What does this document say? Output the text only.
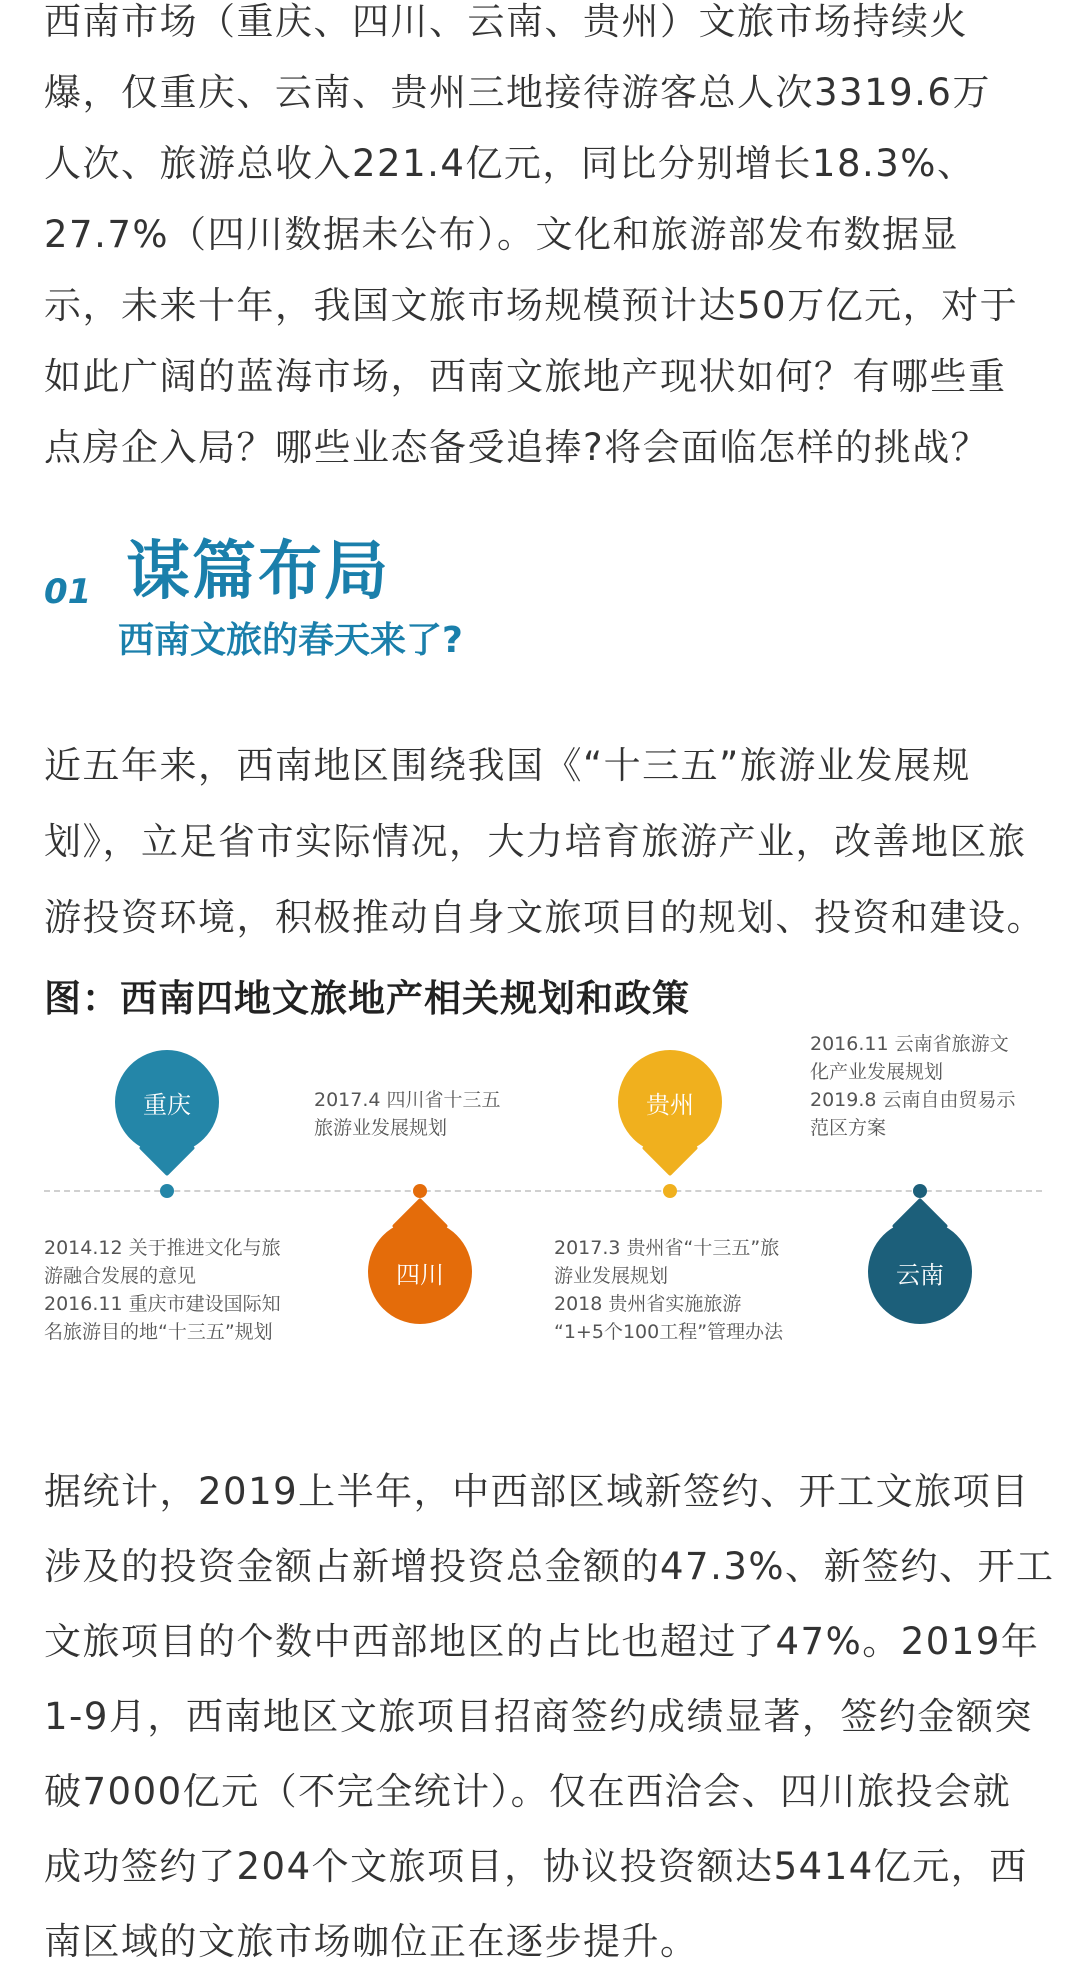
西南市场（重庆、四川、云南、贵州）文旅市场持续火
爆，仅重庆、云南、贵州三地接待游客总人次3319.6万
人次、旅游总收入221.4亿元，同比分别增长18.3%、
27.7%（四川数据未公布）。文化和旅游部发布数据显
示，未来十年，我国文旅市场规模预计达50万亿元，对于
如此广阔的蓝海市场，西南文旅地产现状如何？有哪些重
点房企入局？哪些业态备受追捧?将会面临怎样的挑战？
01 谋篇布局
西南文旅的春天来了?
近五年来，西南地区围绕我国《“十三五”旅游业发展规
划》，立足省市实际情况，大力培育旅游产业，改善地区旅
游投资环境，积极推动自身文旅项目的规划、投资和建设。
图：西南四地文旅地产相关规划和政策
重庆
四川
贵州
云南
2014.12 关于推进文化与旅
游融合发展的意见
2016.11 重庆市建设国际知
名旅游目的地“十三五”规划
2017.4 四川省十三五
旅游业发展规划
2017.3 贵州省“十三五”旅
游业发展规划
2018 贵州省实施旅游
“1+5个100工程”管理办法
2016.11 云南省旅游文
化产业发展规划
2019.8 云南自由贸易示
范区方案
据统计，2019上半年，中西部区域新签约、开工文旅项目
涉及的投资金额占新增投资总金额的47.3%、新签约、开工
文旅项目的个数中西部地区的占比也超过了47%。2019年
1-9月，西南地区文旅项目招商签约成绩显著，签约金额突
破7000亿元（不完全统计）。仅在西洽会、四川旅投会就
成功签约了204个文旅项目，协议投资额达5414亿元，西
南区域的文旅市场咖位正在逐步提升。
